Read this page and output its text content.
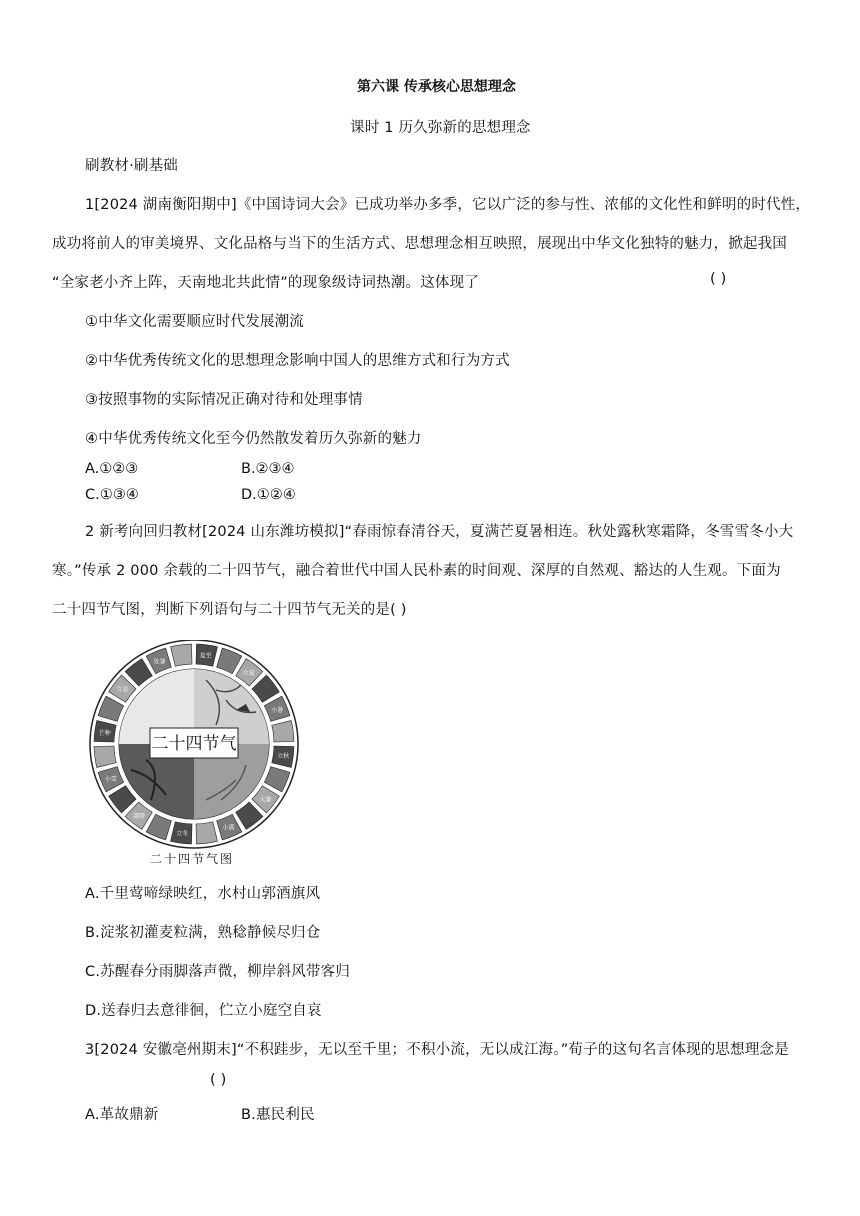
第六课 传承核心思想理念
课时 1 历久弥新的思想理念
刷教材·刷基础
1[2024 湖南衡阳期中]《中国诗词大会》已成功举办多季，它以广泛的参与性、浓郁的文化性和鲜明的时代性，
成功将前人的审美境界、文化品格与当下的生活方式、思想理念相互映照，展现出中华文化独特的魅力，掀起我国
“全家老小齐上阵，天南地北共此情”的现象级诗词热潮。这体现了	( )
①中华文化需要顺应时代发展潮流
②中华优秀传统文化的思想理念影响中国人的思维方式和行为方式
③按照事物的实际情况正确对待和处理事情
④中华优秀传统文化至今仍然散发着历久弥新的魅力
A.①②③	B.②③④
C.①③④	D.①②④
2 新考向回归教材[2024 山东潍坊模拟]“春雨惊春清谷天，夏满芒夏暑相连。秋处露秋寒霜降，冬雪雪冬小大
寒。”传承 2 000 余载的二十四节气，融合着世代中国人民朴素的时间观、深厚的自然观、豁达的人生观。下面为
二十四节气图，判断下列语句与二十四节气无关的是( )
二十四节气
夏至
立夏
小暑
立秋
大暑
小满
立冬
霜降
小雪
芒种
立春
处暑
二十四节气图
A.千里莺啼绿映红，水村山郭酒旗风
B.淀浆初灌麦粒满，熟稔静候尽归仓
C.苏醒春分雨脚落声微，柳岸斜风带客归
D.送春归去意徘徊，伫立小庭空自哀
3[2024 安徽亳州期末]“不积跬步，无以至千里；不积小流，无以成江海。”荀子的这句名言体现的思想理念是
( )
A.革故鼎新	B.惠民利民
